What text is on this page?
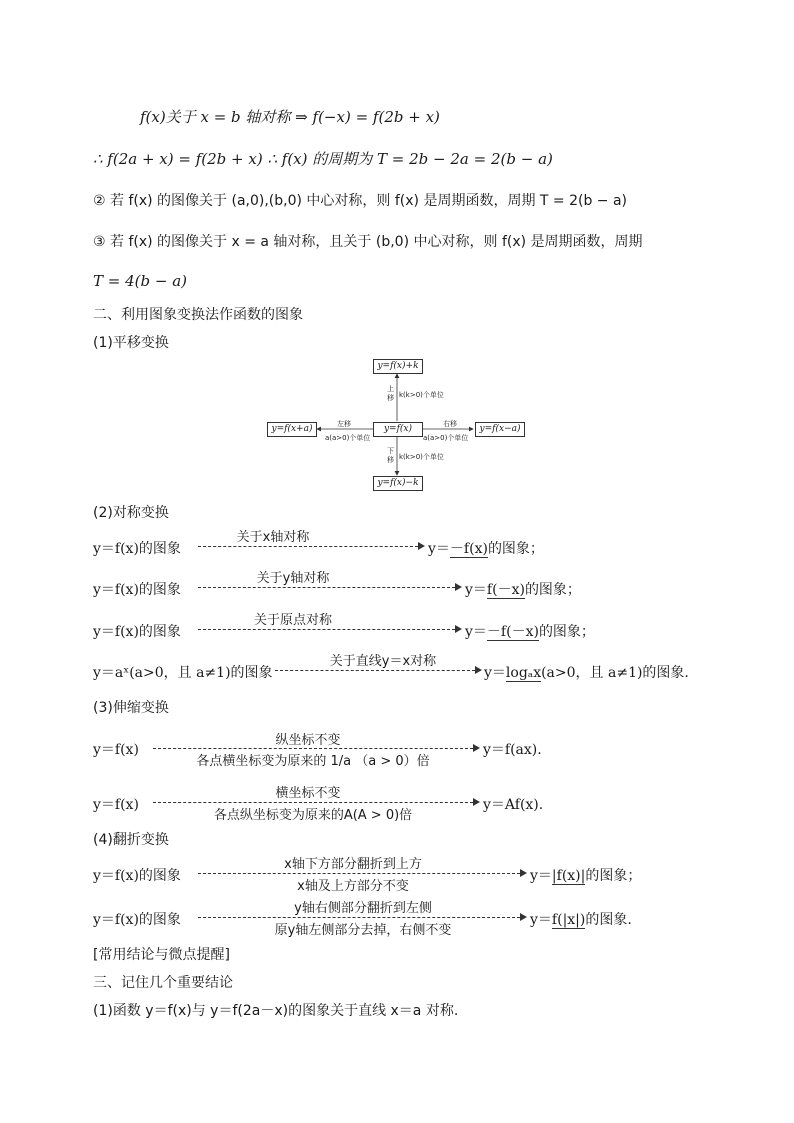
f(x)关于 x = b 轴对称 ⇒ f(−x) = f(2b + x)
∴ f(2a + x) = f(2b + x) ∴ f(x) 的周期为 T = 2b − 2a = 2(b − a)
② 若 f(x) 的图像关于 (a,0),(b,0) 中心对称，则 f(x) 是周期函数，周期 T = 2(b − a)
③ 若 f(x) 的图像关于 x = a 轴对称，且关于 (b,0) 中心对称，则 f(x) 是周期函数，周期
T = 4(b − a)
二、利用图象变换法作函数的图象
(1)平移变换
y=f(x)+k
y=f(x)
y=f(x)−k
y=f(x+a)	y=f(x−a)
上
移 k(k>0)个单位
下
移 k(k>0)个单位
左移
a(a>0)个单位
右移
a(a>0)个单位
(2)对称变换
y＝f(x)的图象
关于x轴对称
y＝－f(x)的图象；
y＝f(x)的图象
关于y轴对称
y＝f(－x)的图象；
y＝f(x)的图象
关于原点对称
y＝－f(－x)的图象；
y＝aˣ(a>0，且 a≠1)的图象
关于直线y＝x对称
y＝logₐx(a>0，且 a≠1)的图象.
(3)伸缩变换
y＝f(x)
纵坐标不变
各点横坐标变为原来的 1/a （a > 0）倍
y＝f(ax).
y＝f(x)
横坐标不变
各点纵坐标变为原来的A(A > 0)倍
y＝Af(x).
(4)翻折变换
y＝f(x)的图象
x轴下方部分翻折到上方
x轴及上方部分不变
y＝|f(x)|的图象；
y＝f(x)的图象
y轴右侧部分翻折到左侧
原y轴左侧部分去掉，右侧不变
y＝f(|x|)的图象.
[常用结论与微点提醒]
三、记住几个重要结论
(1)函数 y＝f(x)与 y＝f(2a－x)的图象关于直线 x＝a 对称.
